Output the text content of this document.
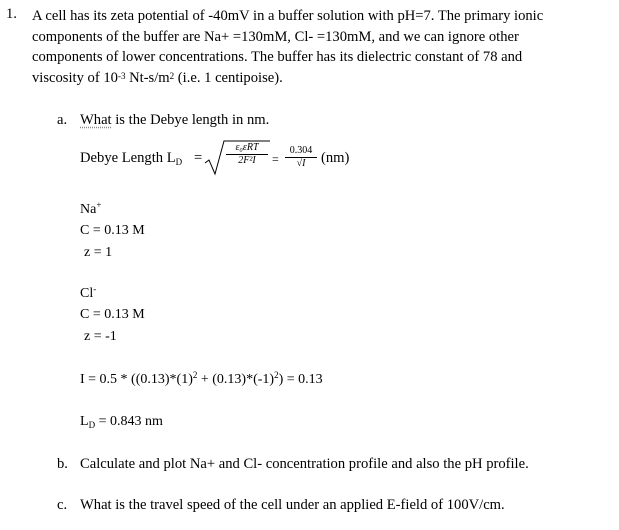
1. A cell has its zeta potential of -40mV in a buffer solution with pH=7. The primary ionic
components of the buffer are Na+ =130mM, Cl- =130mM, and we can ignore other
components of lower concentrations. The buffer has its dielectric constant of 78 and
viscosity of $10^{-3}$ $Nt-s/m^2$ (i.e. 1 centipoise).
a. What is the Debye length in nm.
Debye Length $L_D$ =
ε₀εRT
2F²I	=
0.304
√I	(nm)
Na+
C = 0.13 M
z = 1
Cl-
C = 0.13 M
z = -1
$I = 0.5 * ((0.13)*(1)^2 + (0.13)*(-1)^2) = 0.13$
$L_D = 0.843$ nm
b. Calculate and plot Na+ and Cl- concentration profile and also the pH profile.
c. What is the travel speed of the cell under an applied E-field of 100V/cm.
